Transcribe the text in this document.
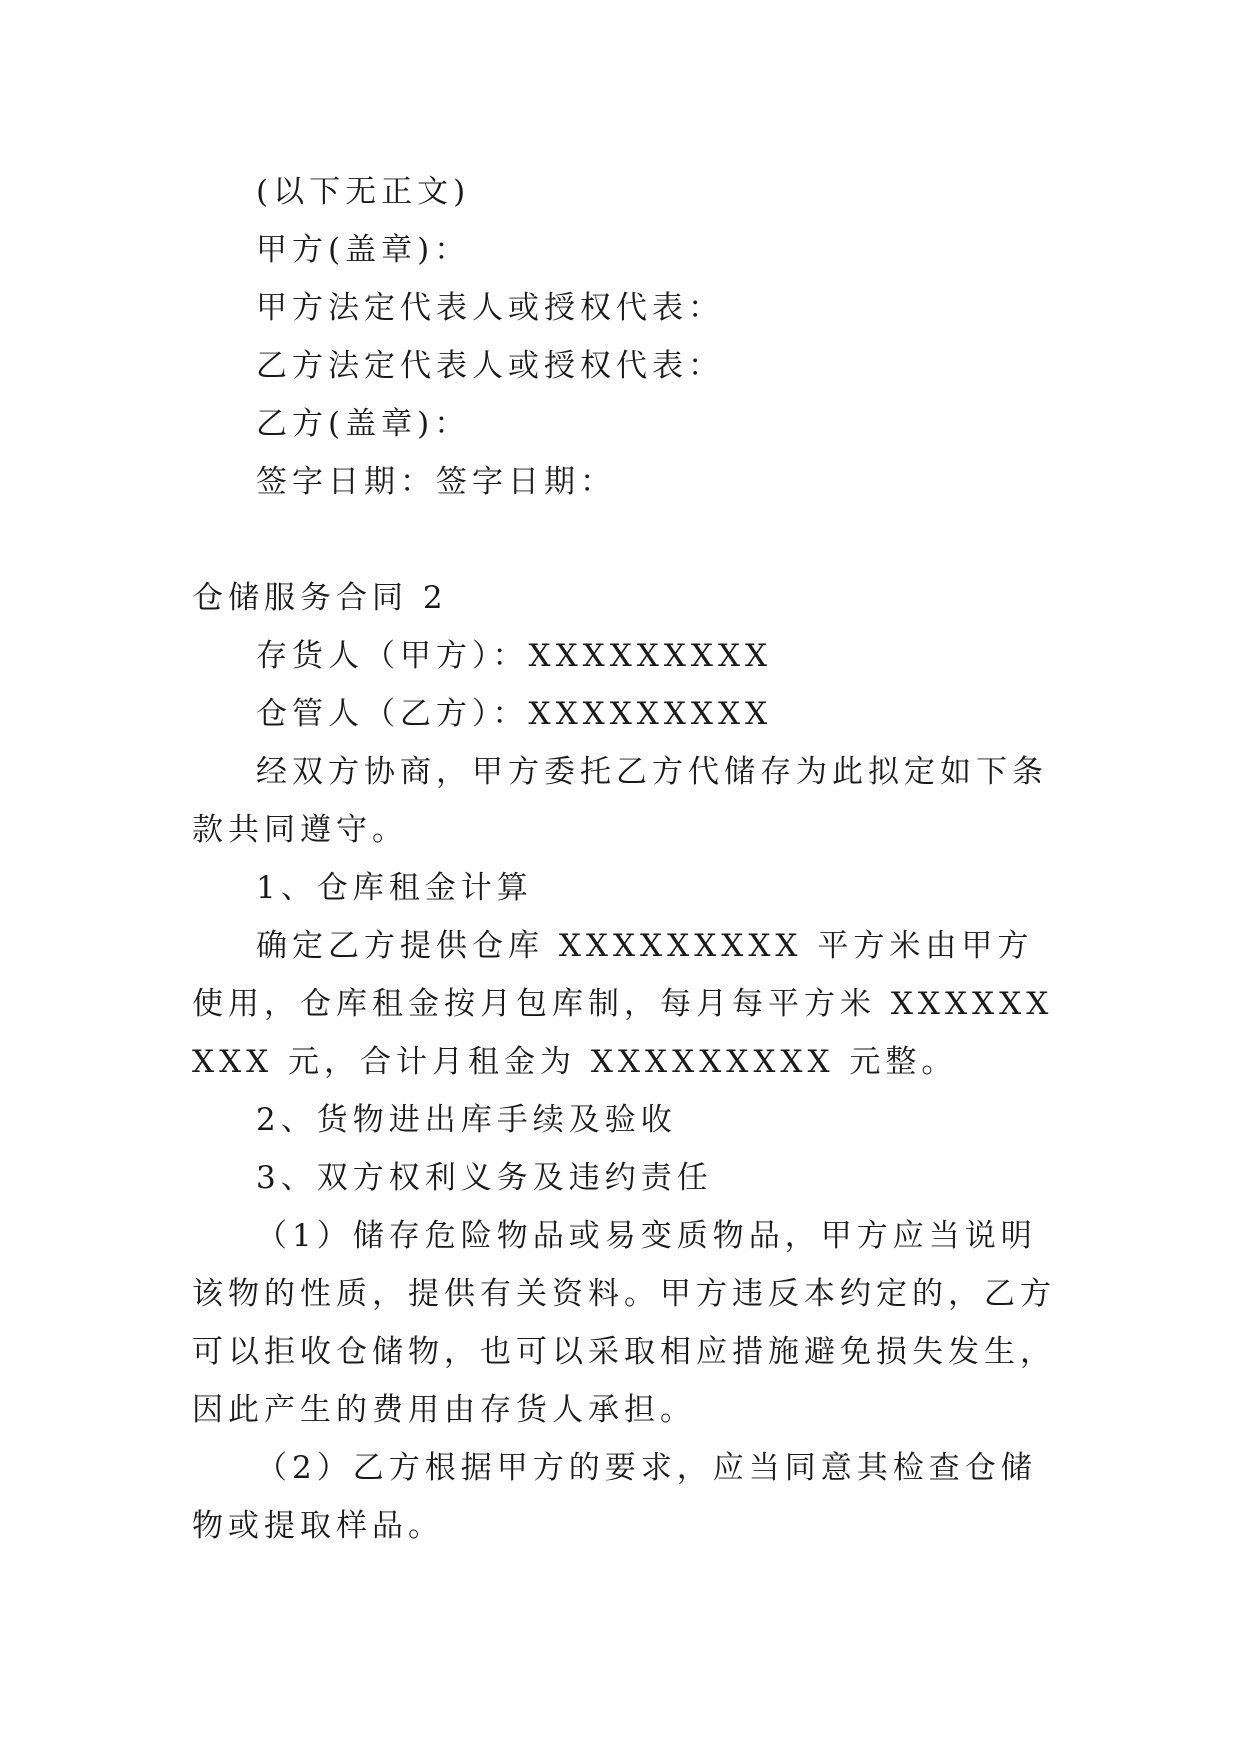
(以下无正文)

甲方(盖章)：

甲方法定代表人或授权代表：

乙方法定代表人或授权代表：

乙方(盖章)：

签字日期：签字日期：

仓储服务合同 2

存货人（甲方）：XXXXXXXXX

仓管人（乙方）：XXXXXXXXX

经双方协商，甲方委托乙方代储存为此拟定如下条款共同遵守。

1、仓库租金计算

确定乙方提供仓库 XXXXXXXXX 平方米由甲方使用，仓库租金按月包库制，每月每平方米 XXXXXXXXX 元，合计月租金为 XXXXXXXXX 元整。

2、货物进出库手续及验收

3、双方权利义务及违约责任

（1）储存危险物品或易变质物品，甲方应当说明该物的性质，提供有关资料。甲方违反本约定的，乙方可以拒收仓储物，也可以采取相应措施避免损失发生，因此产生的费用由存货人承担。

（2）乙方根据甲方的要求，应当同意其检查仓储物或提取样品。
